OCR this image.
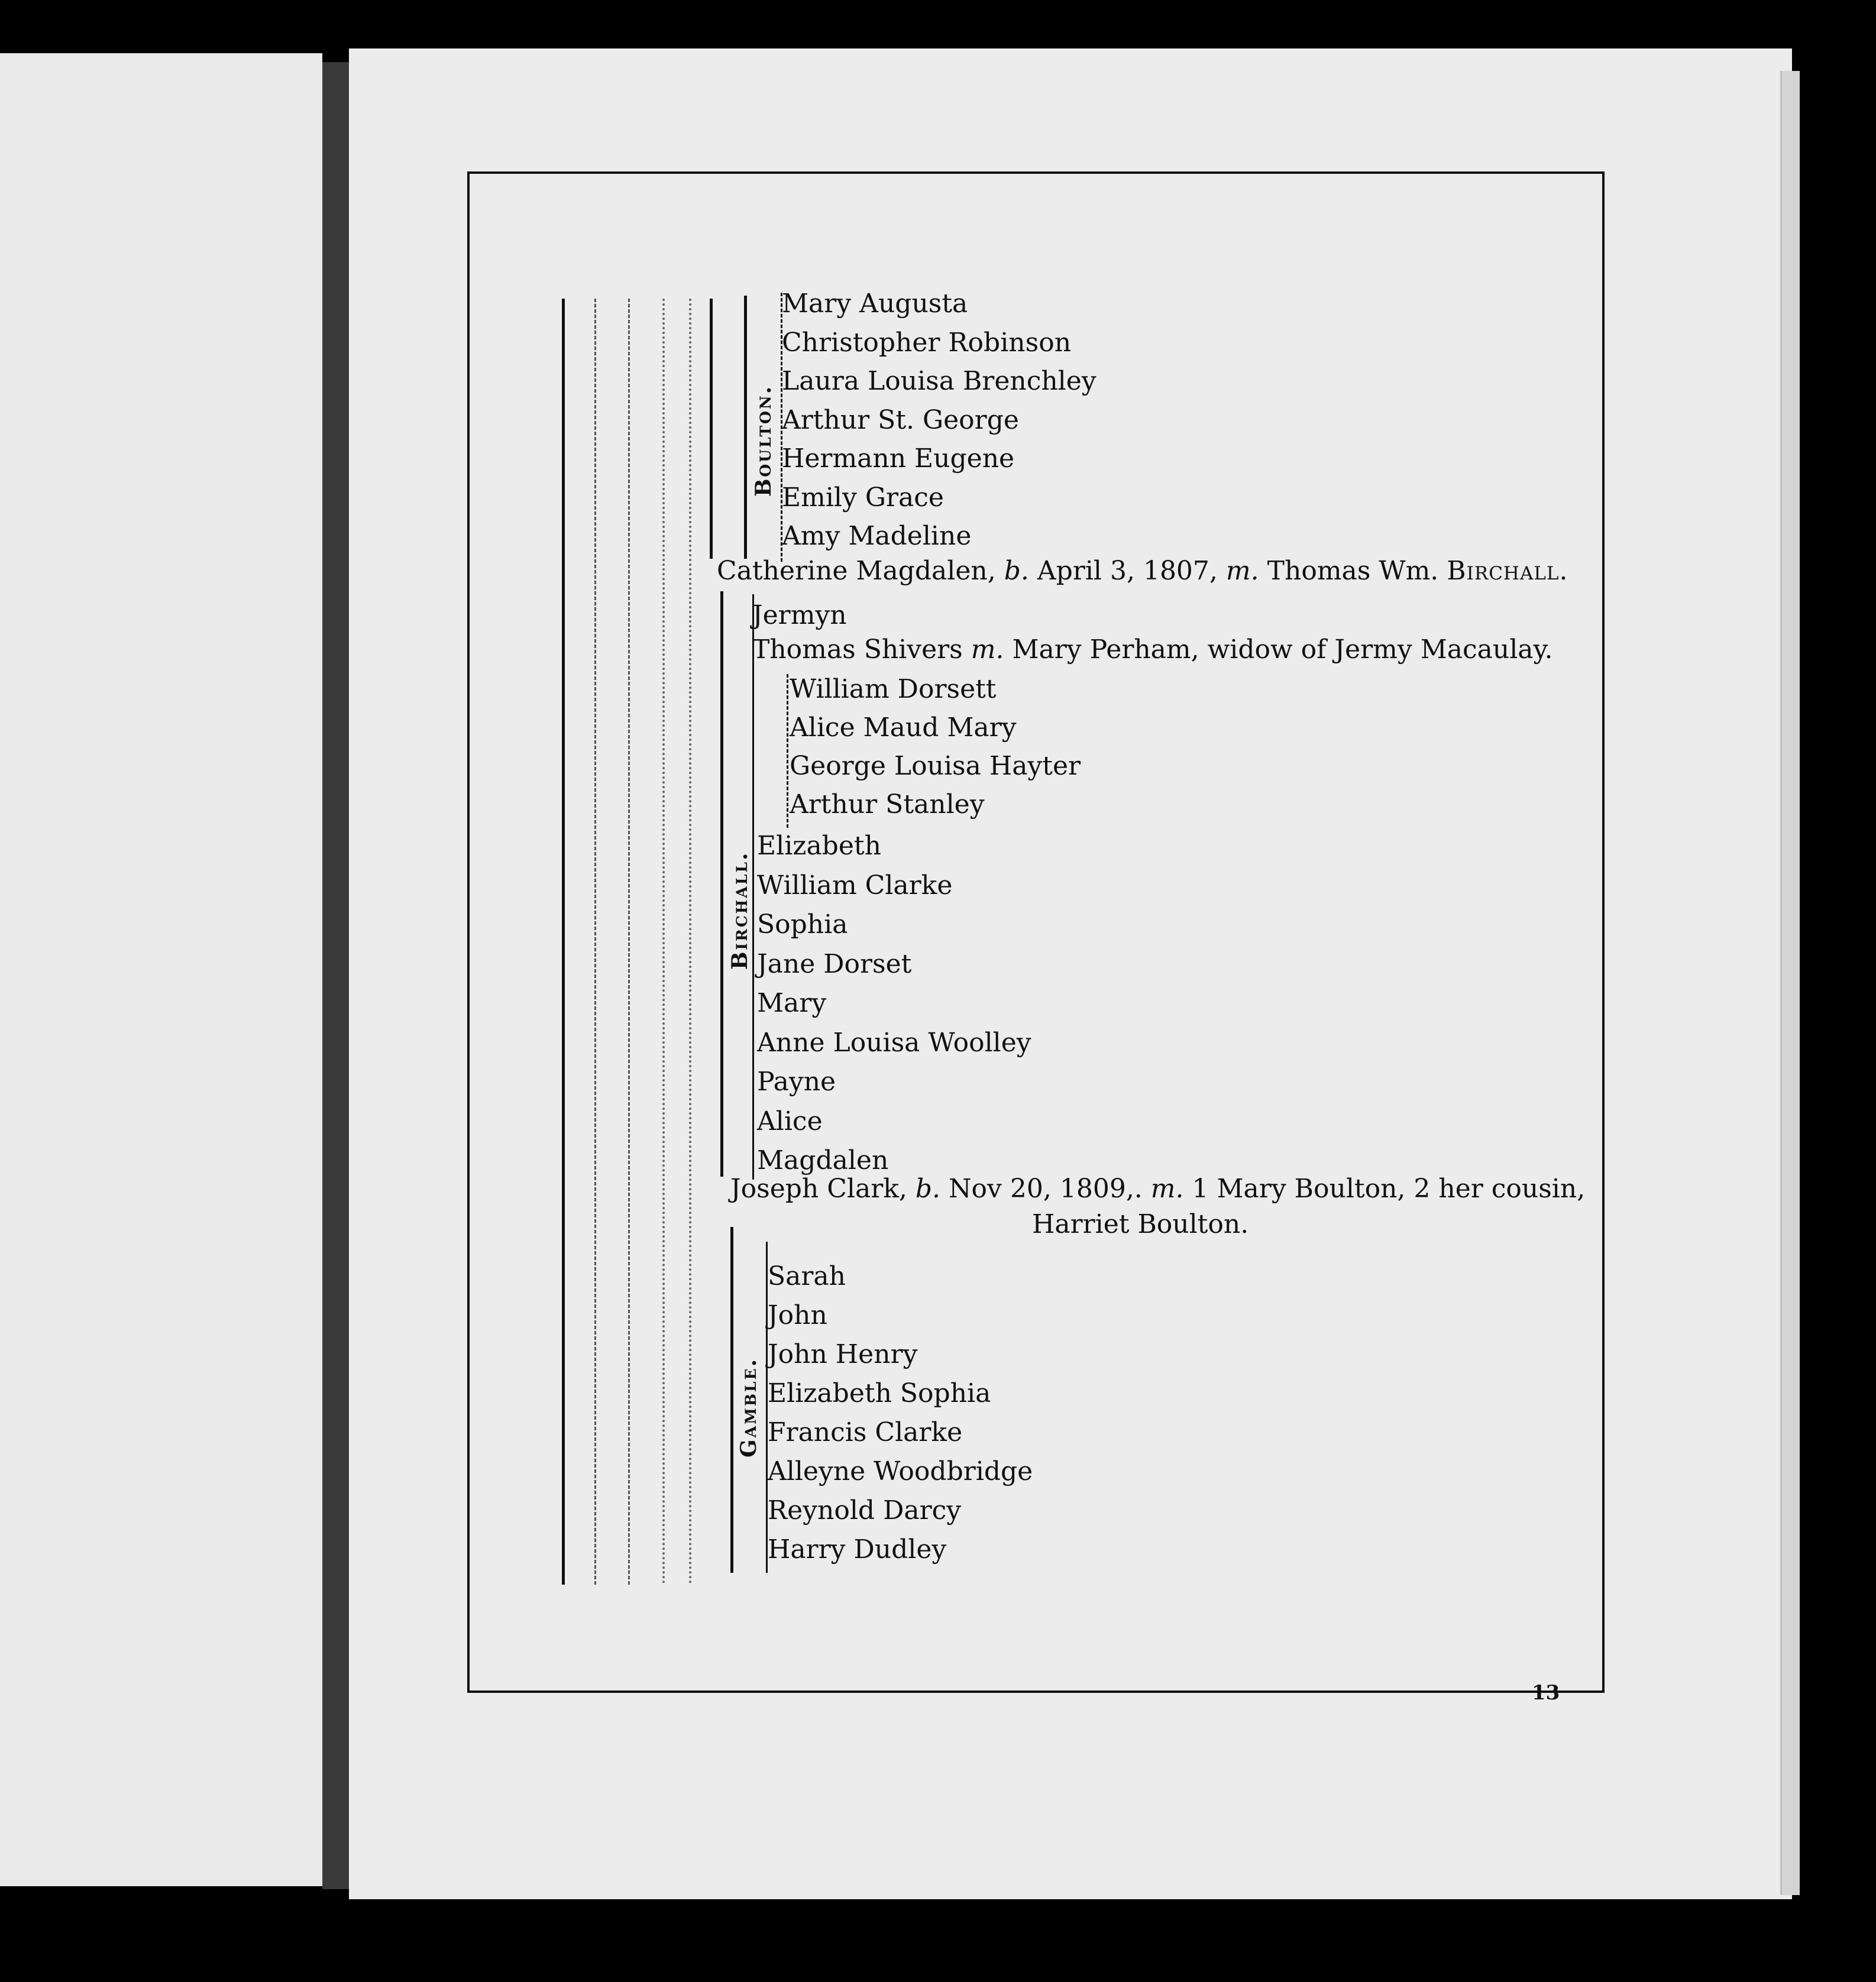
Boulton.
Mary Augusta
Christopher Robinson
Laura Louisa Brenchley
Arthur St. George
Hermann Eugene
Emily Grace
Amy Madeline
Catherine Magdalen, b. April 3, 1807, m. Thomas Wm. Birchall.
Birchall.
Jermyn
Thomas Shivers m. Mary Perham, widow of Jermy Macaulay.
William Dorsett
Alice Maud Mary
George Louisa Hayter
Arthur Stanley
Elizabeth
William Clarke
Sophia
Jane Dorset
Mary
Anne Louisa Woolley
Payne
Alice
Magdalen
Joseph Clark, b. Nov 20, 1809,. m. 1 Mary Boulton, 2 her cousin,
Harriet Boulton.
Gamble.
Sarah
John
John Henry
Elizabeth Sophia
Francis Clarke
Alleyne Woodbridge
Reynold Darcy
Harry Dudley
13
